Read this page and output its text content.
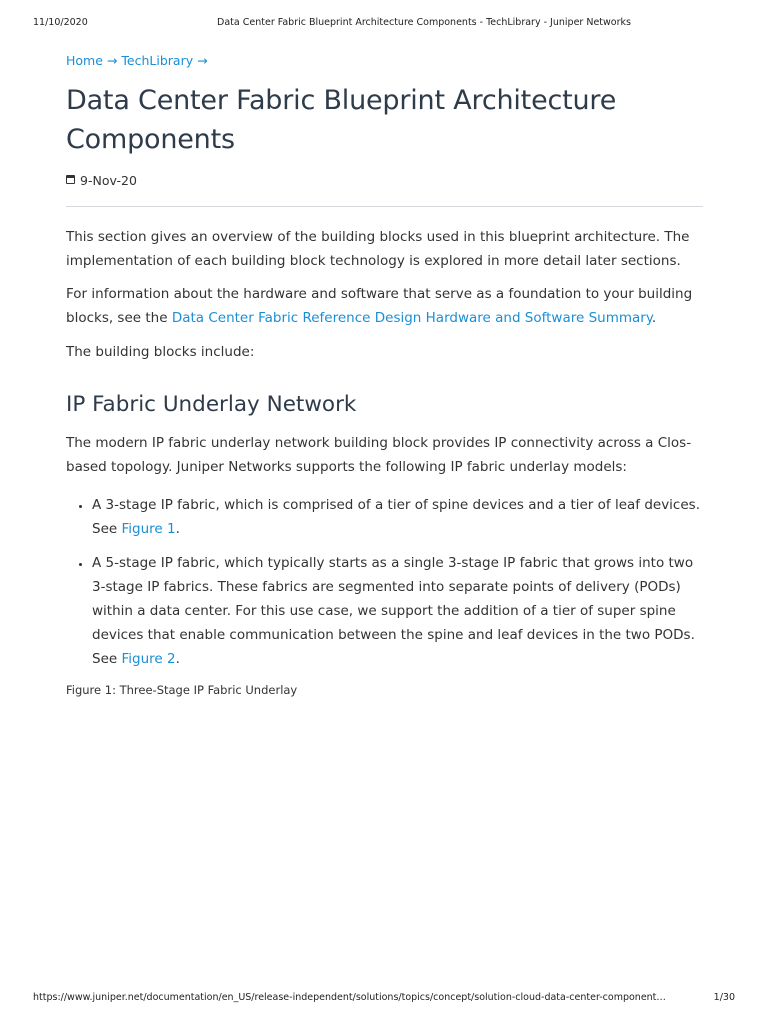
11/10/2020	Data Center Fabric Blueprint Architecture Components - TechLibrary - Juniper Networks
Home → TechLibrary →
Data Center Fabric Blueprint Architecture Components
9-Nov-20

This section gives an overview of the building blocks used in this blueprint architecture. The implementation of each building block technology is explored in more detail later sections.

For information about the hardware and software that serve as a foundation to your building blocks, see the Data Center Fabric Reference Design Hardware and Software Summary.

The building blocks include:

IP Fabric Underlay Network

The modern IP fabric underlay network building block provides IP connectivity across a Clos-based topology. Juniper Networks supports the following IP fabric underlay models:

• A 3-stage IP fabric, which is comprised of a tier of spine devices and a tier of leaf devices. See Figure 1.
• A 5-stage IP fabric, which typically starts as a single 3-stage IP fabric that grows into two 3-stage IP fabrics. These fabrics are segmented into separate points of delivery (PODs) within a data center. For this use case, we support the addition of a tier of super spine devices that enable communication between the spine and leaf devices in the two PODs. See Figure 2.
Figure 1: Three-Stage IP Fabric Underlay
https://www.juniper.net/documentation/en_US/release-independent/solutions/topics/concept/solution-cloud-data-center-component…	1/30
